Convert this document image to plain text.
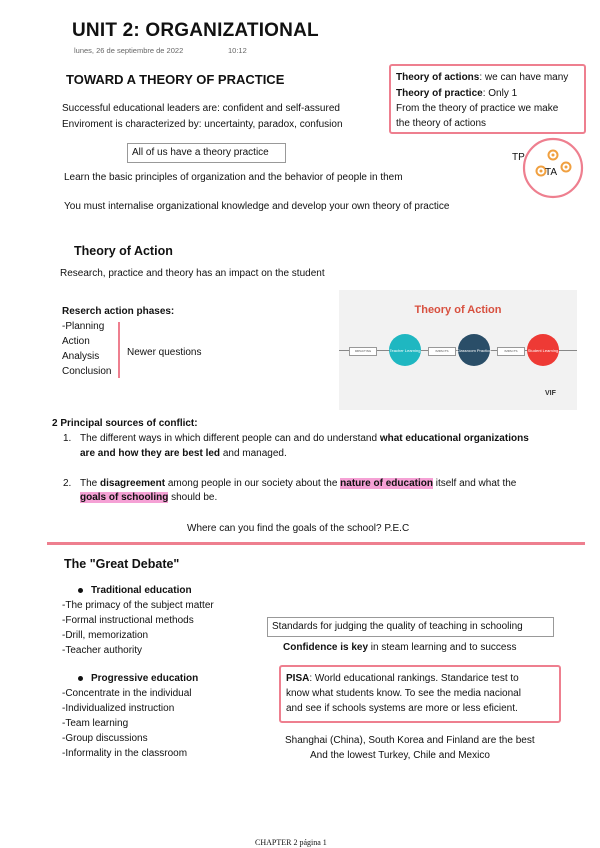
UNIT 2: ORGANIZATIONAL
lunes, 26 de septiembre de 2022	10:12
TOWARD A THEORY OF PRACTICE
Successful educational leaders are: confident and self-assured
Enviroment is characterized by: uncertainty, paradox, confusion
All of us have a theory practice
Learn the basic principles of organization and the behavior of people in them
You must internalise organizational knowledge and develop your own theory of practice
Theory of actions: we can have many
Theory of practice: Only 1
From the theory of practice we make
the theory of actions
TP
TA
Theory of Action
Research, practice and theory has an impact on the student
Reserch action phases:
-Planning
Action
Analysis
Conclusion
Newer questions
Theory of Action
IMPACTING	Teacher Learning	IMPACTS	Classroom Practice	IMPACTS	Student Learning
VIF
2 Principal sources of conflict:
1. The different ways in which different people can and do understand what educational organizations
are and how they are best led and managed.
2. The disagreement among people in our society about the nature of education itself and what the
goals of schooling should be.
Where can you find the goals of the school? P.E.C
The "Great Debate"
Traditional education
-The primacy of the subject matter
-Formal instructional methods
-Drill, memorization
-Teacher authority
Progressive education
-Concentrate in the individual
-Individualized instruction
-Team learning
-Group discussions
-Informality in the classroom
Standards for judging the quality of teaching in schooling
Confidence is key in steam learning and to success
PISA: World educational rankings. Standarice test to
know what students know. To see the media nacional
and see if schools systems are more or less eficient.
Shanghai (China), South Korea and Finland are the best
And the lowest Turkey, Chile and Mexico
CHAPTER 2 página 1
